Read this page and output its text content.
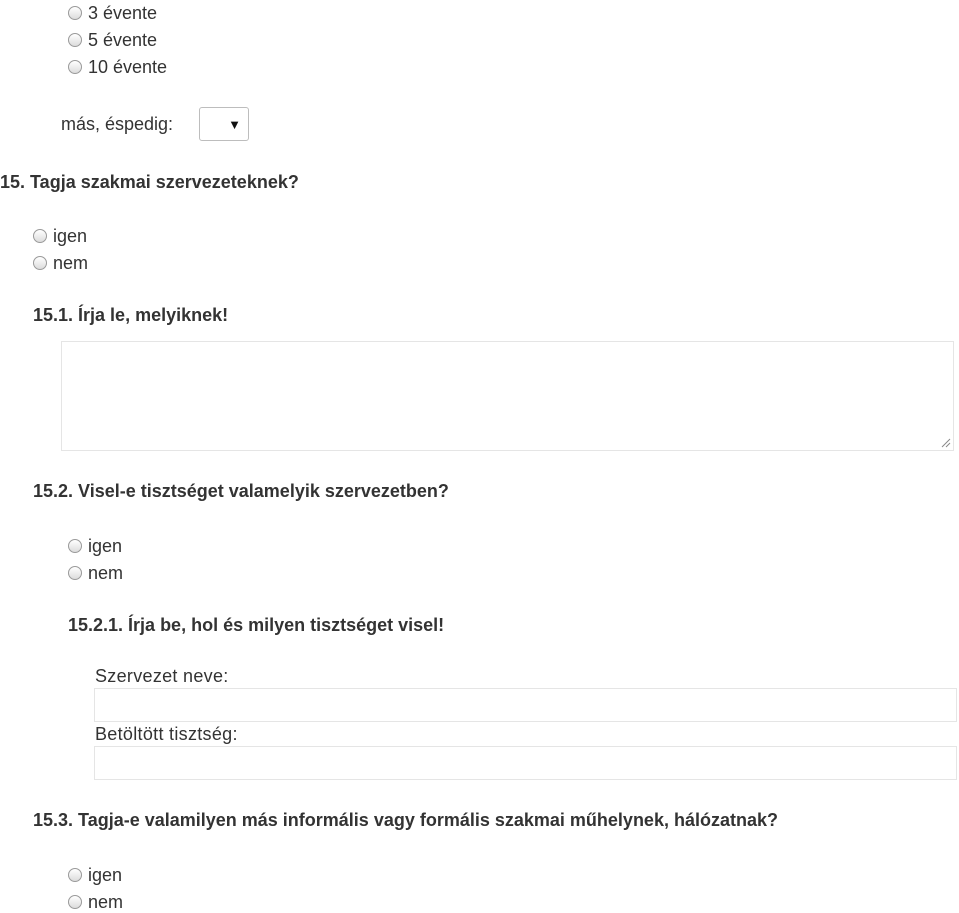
3 évente
5 évente
10 évente
más, éspedig:	▼
15. Tagja szakmai szervezeteknek?
igen
nem
15.1. Írja le, melyiknek!
15.2. Visel-e tisztséget valamelyik szervezetben?
igen
nem
15.2.1. Írja be, hol és milyen tisztséget visel!
Szervezet neve:
Betöltött tisztség:
15.3. Tagja-e valamilyen más informális vagy formális szakmai műhelynek, hálózatnak?
igen
nem
